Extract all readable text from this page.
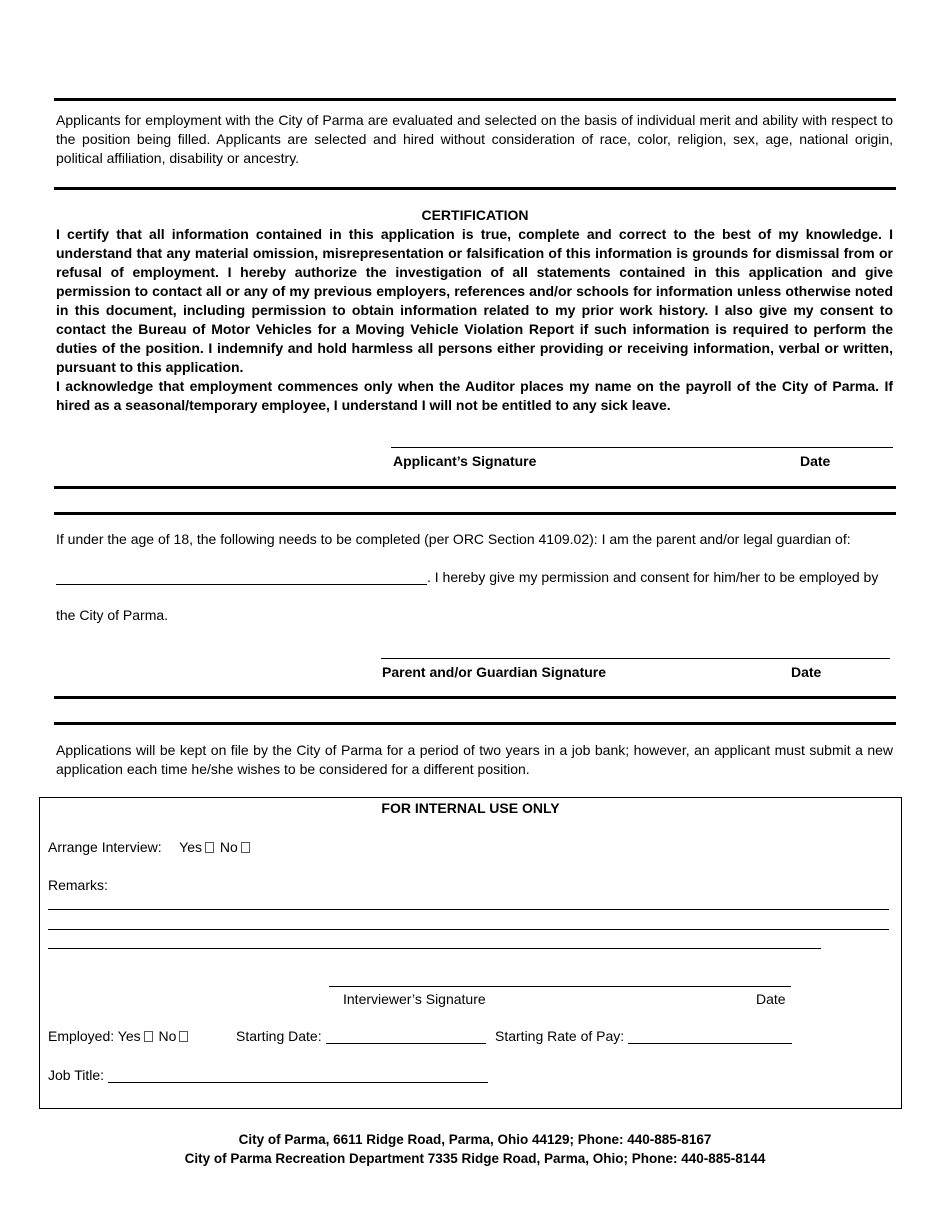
Applicants for employment with the City of Parma are evaluated and selected on the basis of individual merit and ability with respect to the position being filled. Applicants are selected and hired without consideration of race, color, religion, sex, age, national origin, political affiliation, disability or ancestry.
CERTIFICATION
I certify that all information contained in this application is true, complete and correct to the best of my knowledge. I understand that any material omission, misrepresentation or falsification of this information is grounds for dismissal from or refusal of employment. I hereby authorize the investigation of all statements contained in this application and give permission to contact all or any of my previous employers, references and/or schools for information unless otherwise noted in this document, including permission to obtain information related to my prior work history. I also give my consent to contact the Bureau of Motor Vehicles for a Moving Vehicle Violation Report if such information is required to perform the duties of the position. I indemnify and hold harmless all persons either providing or receiving information, verbal or written, pursuant to this application.
I acknowledge that employment commences only when the Auditor places my name on the payroll of the City of Parma. If hired as a seasonal/temporary employee, I understand I will not be entitled to any sick leave.
Applicant’s Signature	Date
If under the age of 18, the following needs to be completed (per ORC Section 4109.02): I am the parent and/or legal guardian of:
. I hereby give my permission and consent for him/her to be employed by
the City of Parma.
Parent and/or Guardian Signature	Date
Applications will be kept on file by the City of Parma for a period of two years in a job bank; however, an applicant must submit a new application each time he/she wishes to be considered for a different position.
FOR INTERNAL USE ONLY
Arrange Interview: Yes No
Remarks:
Interviewer’s Signature	Date
Employed: Yes No	Starting Date:	Starting Rate of Pay:
Job Title:
City of Parma, 6611 Ridge Road, Parma, Ohio 44129; Phone: 440-885-8167
City of Parma Recreation Department 7335 Ridge Road, Parma, Ohio; Phone: 440-885-8144
